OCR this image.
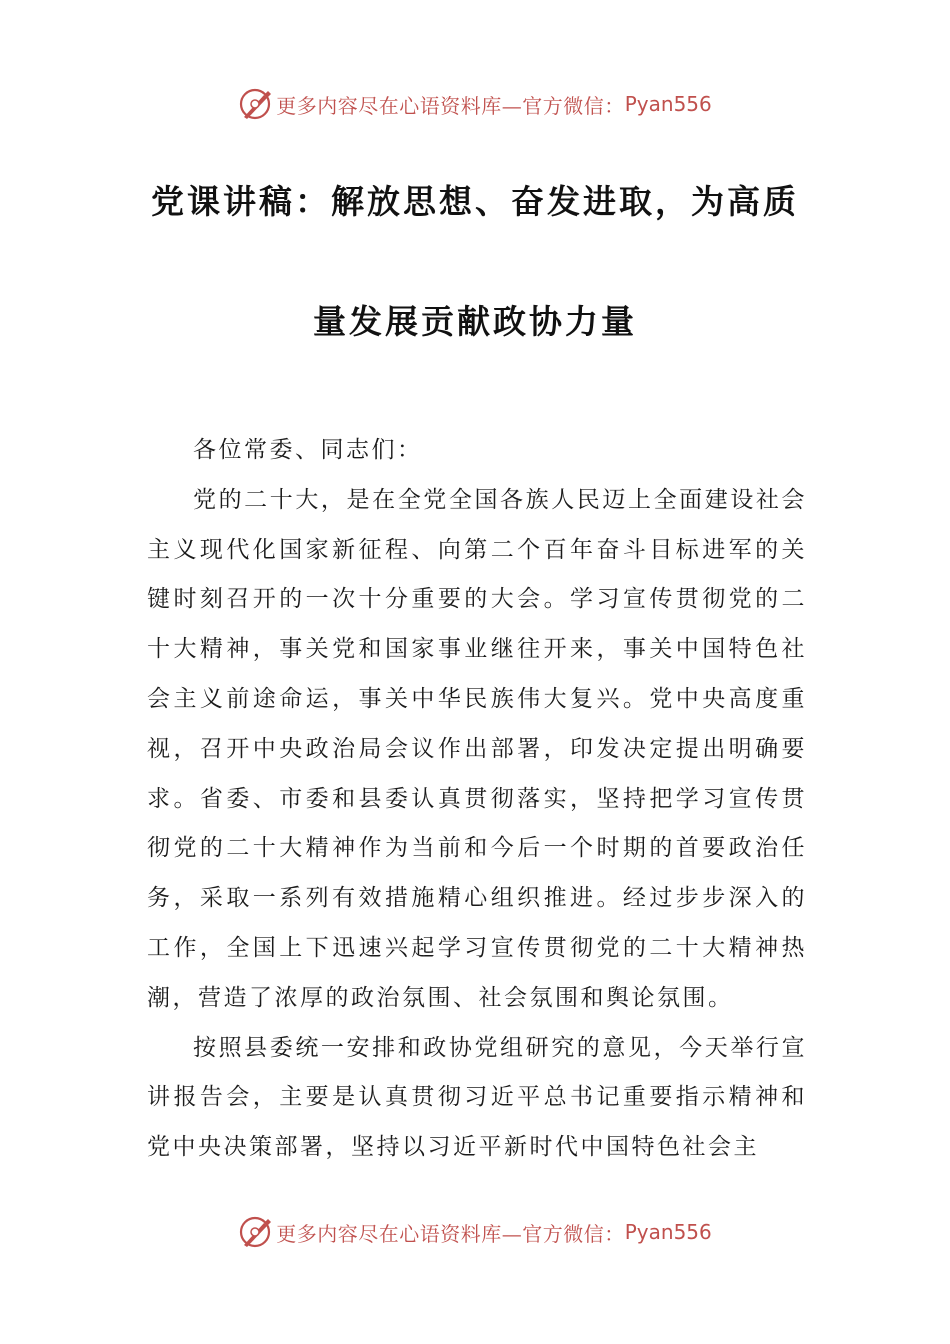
更多内容尽在心语资料库—官方微信： Pyan556
党课讲稿：解放思想、奋发进取，为高质
量发展贡献政协力量

各位常委、同志们：

党的二十大，是在全党全国各族人民迈上全面建设社会主义现代化国家新征程、向第二个百年奋斗目标进军的关键时刻召开的一次十分重要的大会。学习宣传贯彻党的二十大精神，事关党和国家事业继往开来，事关中国特色社会主义前途命运，事关中华民族伟大复兴。党中央高度重视，召开中央政治局会议作出部署，印发决定提出明确要求。省委、市委和县委认真贯彻落实，坚持把学习宣传贯彻党的二十大精神作为当前和今后一个时期的首要政治任务，采取一系列有效措施精心组织推进。经过步步深入的工作，全国上下迅速兴起学习宣传贯彻党的二十大精神热潮，营造了浓厚的政治氛围、社会氛围和舆论氛围。

按照县委统一安排和政协党组研究的意见，今天举行宣讲报告会，主要是认真贯彻习近平总书记重要指示精神和党中央决策部署，坚持以习近平新时代中国特色社会主

更多内容尽在心语资料库—官方微信： Pyan556
